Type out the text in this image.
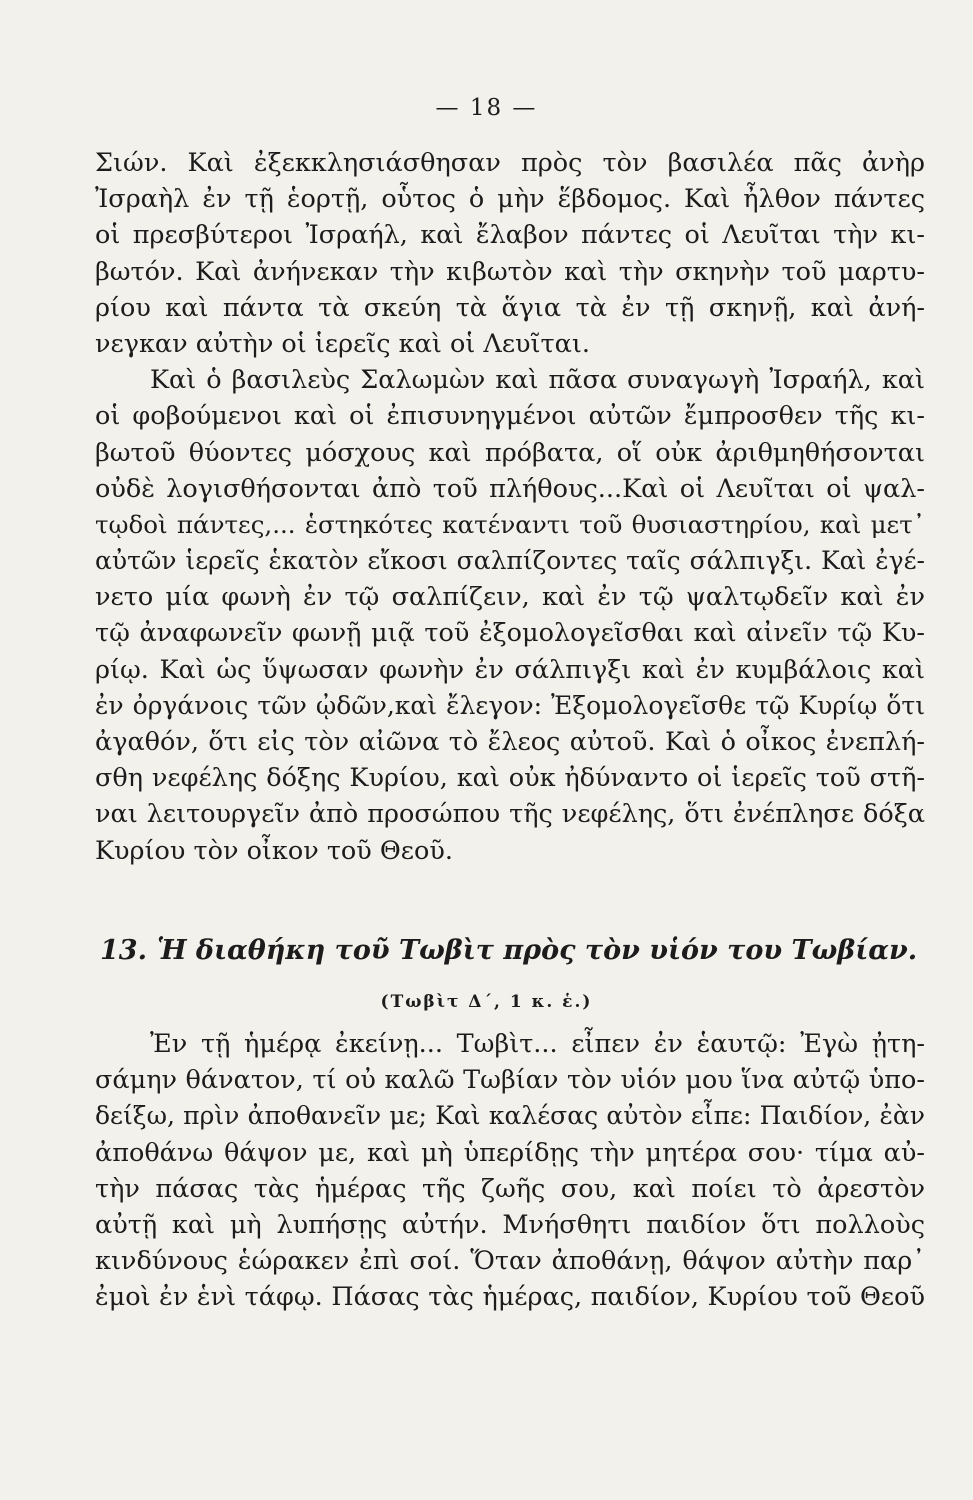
— 18 —
Σιών. Καὶ ἐξεκκλησιάσθησαν πρὸς τὸν βασιλέα πᾶς ἀνὴρ
Ἰσραὴλ ἐν τῇ ἑορτῇ, οὗτος ὁ μὴν ἕβδομος. Καὶ ἦλθον πάντες
οἱ πρεσβύτεροι Ἰσραήλ, καὶ ἔλαβον πάντες οἱ Λευῖται τὴν κι-
βωτόν. Καὶ ἀνήνεκαν τὴν κιβωτὸν καὶ τὴν σκηνὴν τοῦ μαρτυ-
ρίου καὶ πάντα τὰ σκεύη τὰ ἅγια τὰ ἐν τῇ σκηνῇ, καὶ ἀνή-
νεγκαν αὐτὴν οἱ ἱερεῖς καὶ οἱ Λευῖται.
Καὶ ὁ βασιλεὺς Σαλωμὼν καὶ πᾶσα συναγωγὴ Ἰσραήλ, καὶ
οἱ φοβούμενοι καὶ οἱ ἐπισυνηγμένοι αὐτῶν ἔμπροσθεν τῆς κι-
βωτοῦ θύοντες μόσχους καὶ πρόβατα, οἵ οὐκ ἀριθμηθήσονται
οὐδὲ λογισθήσονται ἀπὸ τοῦ πλήθους...Καὶ οἱ Λευῖται οἱ ψαλ-
τῳδοὶ πάντες,... ἑστηκότες κατέναντι τοῦ θυσιαστηρίου, καὶ μετ᾽
αὐτῶν ἱερεῖς ἑκατὸν εἴκοσι σαλπίζοντες ταῖς σάλπιγξι. Καὶ ἐγέ-
νετο μία φωνὴ ἐν τῷ σαλπίζειν, καὶ ἐν τῷ ψαλτῳδεῖν καὶ ἐν
τῷ ἀναφωνεῖν φωνῇ μιᾷ τοῦ ἐξομολογεῖσθαι καὶ αἰνεῖν τῷ Κυ-
ρίῳ. Καὶ ὡς ὕψωσαν φωνὴν ἐν σάλπιγξι καὶ ἐν κυμβάλοις καὶ
ἐν ὀργάνοις τῶν ᾠδῶν,καὶ ἔλεγον: Ἐξομολογεῖσθε τῷ Κυρίῳ ὅτι
ἀγαθόν, ὅτι εἰς τὸν αἰῶνα τὸ ἔλεος αὐτοῦ. Καὶ ὁ οἶκος ἐνεπλή-
σθη νεφέλης δόξης Κυρίου, καὶ οὐκ ἠδύναντο οἱ ἱερεῖς τοῦ στῆ-
ναι λειτουργεῖν ἀπὸ προσώπου τῆς νεφέλης, ὅτι ἐνέπλησε δόξα
Κυρίου τὸν οἶκον τοῦ Θεοῦ.
13. Ἡ διαθήκη τοῦ Τωβὶτ πρὸς τὸν υἱόν του Τωβίαν.
(Τωβὶτ Δ΄, 1 κ. ἑ.)
Ἐν τῇ ἡμέρᾳ ἐκείνῃ... Τωβὶτ... εἶπεν ἐν ἑαυτῷ: Ἐγὼ ᾐτη-
σάμην θάνατον, τί οὐ καλῶ Τωβίαν τὸν υἱόν μου ἵνα αὐτῷ ὑπο-
δείξω, πρὶν ἀποθανεῖν με; Καὶ καλέσας αὐτὸν εἶπε: Παιδίον, ἐὰν
ἀποθάνω θάψον με, καὶ μὴ ὑπερίδῃς τὴν μητέρα σου· τίμα αὐ-
τὴν πάσας τὰς ἡμέρας τῆς ζωῆς σου, καὶ ποίει τὸ ἀρεστὸν
αὐτῇ καὶ μὴ λυπήσῃς αὐτήν. Μνήσθητι παιδίον ὅτι πολλοὺς
κινδύνους ἑώρακεν ἐπὶ σοί. Ὅταν ἀποθάνῃ, θάψον αὐτὴν παρ᾽
ἐμοὶ ἐν ἑνὶ τάφῳ. Πάσας τὰς ἡμέρας, παιδίον, Κυρίου τοῦ Θεοῦ
